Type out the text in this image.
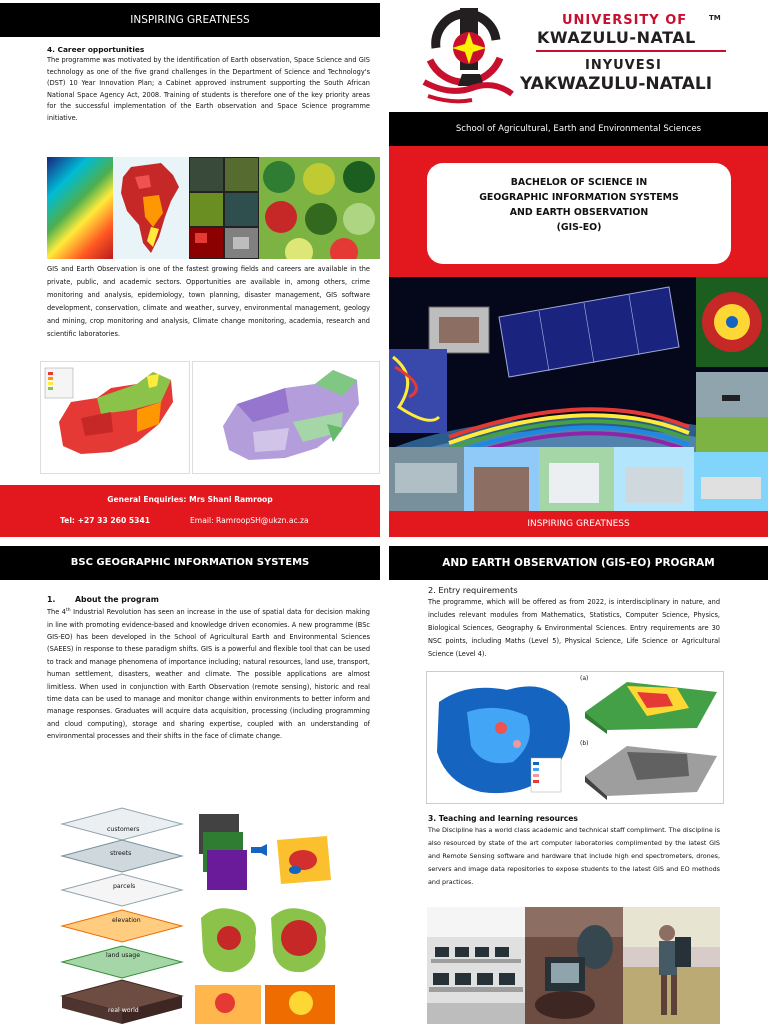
INSPIRING GREATNESS

4. Career opportunities

The programme was motivated by the identification of Earth observation, Space Science and GIS technology as one of the five grand challenges in the Department of Science and Technology's (DST) 10 Year Innovation Plan; a Cabinet approved instrument supporting the South African National Space Agency Act, 2008. Training of students is therefore one of the key priority areas for the successful implementation of the Earth observation and Space Science programme initiative.

GIS and Earth Observation is one of the fastest growing fields and careers are available in the private, public, and academic sectors. Opportunities are available in, among others, crime monitoring and analysis, epidemiology, town planning, disaster management, GIS software development, conservation, climate and weather, survey, environmental management, geology and mining, crop monitoring and analysis, Climate change monitoring, academia, research and scientific laboratories.

General Enquiries: Mrs Shani Ramroop
Tel: +27 33 260 5341	Email: RamroopSH@ukzn.ac.za
UNIVERSITY OF	TM
KWAZULU-NATAL
INYUVESI
YAKWAZULU-NATALI
School of Agricultural, Earth and Environmental Sciences
BACHELOR OF SCIENCE IN
GEOGRAPHIC INFORMATION SYSTEMS
AND EARTH OBSERVATION
(GIS-EO)
INSPIRING GREATNESS
BSC GEOGRAPHIC INFORMATION SYSTEMS

1.	About the program

The 4th Industrial Revolution has seen an increase in the use of spatial data for decision making in line with promoting evidence-based and knowledge driven economies. A new programme (BSc GIS-EO) has been developed in the School of Agricultural Earth and Environmental Sciences (SAEES) in response to these paradigm shifts. GIS is a powerful and flexible tool that can be used to track and manage phenomena of importance including; natural resources, land use, transport, human settlement, disasters, weather and climate. The possible applications are almost limitless. When used in conjunction with Earth Observation (remote sensing), historic and real time data can be used to manage and monitor change within environments to better inform and manage responses. Graduates will acquire data acquisition, processing (including programming and cloud computing), storage and sharing expertise, coupled with an understanding of environmental processes and their shifts in the face of climate change.

customers
streets
parcels
elevation
land usage
real world
AND EARTH OBSERVATION (GIS-EO) PROGRAM

2. Entry requirements

The programme, which will be offered as from 2022, is interdisciplinary in nature, and includes relevant modules from Mathematics, Statistics, Computer Science, Physics, Biological Sciences, Geography & Environmental Sciences. Entry requirements are 30 NSC points, including Maths (Level 5), Physical Science, Life Science or Agricultural Science (Level 4).

(a)
(b)

3. Teaching and learning resources

The Discipline has a world class academic and technical staff compliment. The discipline is also resourced by state of the art computer laboratories complimented by the latest GIS and Remote Sensing software and hardware that include high end spectrometers, drones, servers and image data repositories to expose students to the latest GIS and EO methods and practices.
